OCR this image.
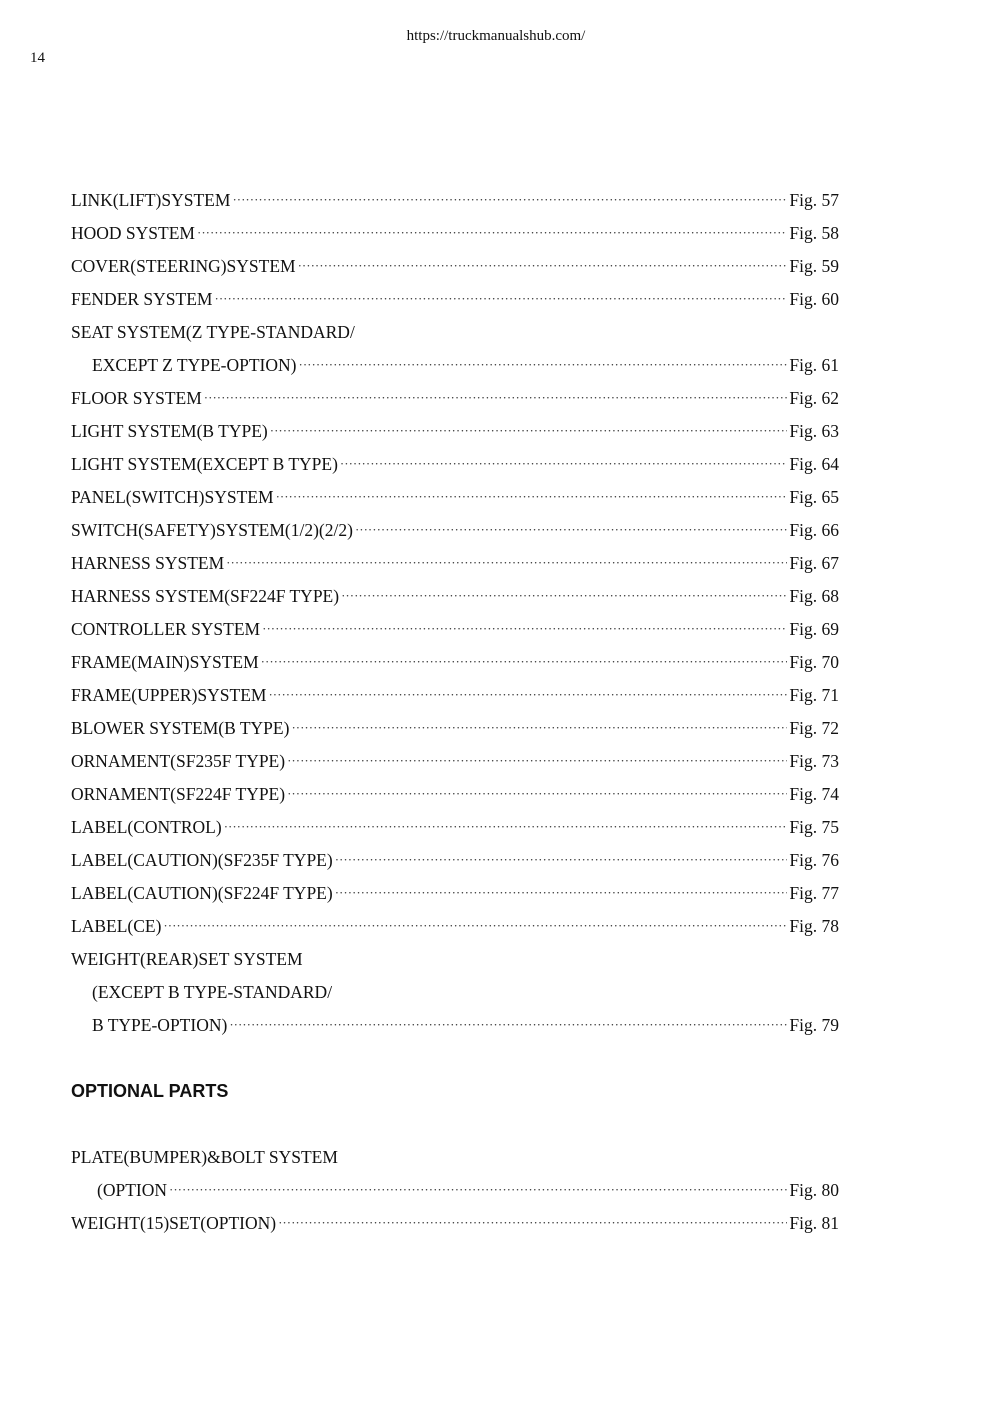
https://truckmanualshub.com/
14
LINK(LIFT)SYSTEM ·····	Fig. 57
HOOD SYSTEM ·····	Fig. 58
COVER(STEERING)SYSTEM ·····	Fig. 59
FENDER SYSTEM ·····	Fig. 60
SEAT SYSTEM(Z TYPE-STANDARD/
EXCEPT Z TYPE-OPTION) ·····	Fig. 61
FLOOR SYSTEM ·····	Fig. 62
LIGHT SYSTEM(B TYPE) ·····	Fig. 63
LIGHT SYSTEM(EXCEPT B TYPE) ·····	Fig. 64
PANEL(SWITCH)SYSTEM ·····	Fig. 65
SWITCH(SAFETY)SYSTEM(1/2)(2/2) ·····	Fig. 66
HARNESS SYSTEM ·····	Fig. 67
HARNESS SYSTEM(SF224F TYPE) ·····	Fig. 68
CONTROLLER SYSTEM ·····	Fig. 69
FRAME(MAIN)SYSTEM ·····	Fig. 70
FRAME(UPPER)SYSTEM ·····	Fig. 71
BLOWER SYSTEM(B TYPE) ·····	Fig. 72
ORNAMENT(SF235F TYPE) ·····	Fig. 73
ORNAMENT(SF224F TYPE) ·····	Fig. 74
LABEL(CONTROL) ·····	Fig. 75
LABEL(CAUTION)(SF235F TYPE) ·····	Fig. 76
LABEL(CAUTION)(SF224F TYPE) ·····	Fig. 77
LABEL(CE) ·····	Fig. 78
WEIGHT(REAR)SET SYSTEM
(EXCEPT B TYPE-STANDARD/
B TYPE-OPTION) ·····	Fig. 79
OPTIONAL PARTS
PLATE(BUMPER)&BOLT SYSTEM
(OPTION ·····	Fig. 80
WEIGHT(15)SET(OPTION) ·····	Fig. 81
